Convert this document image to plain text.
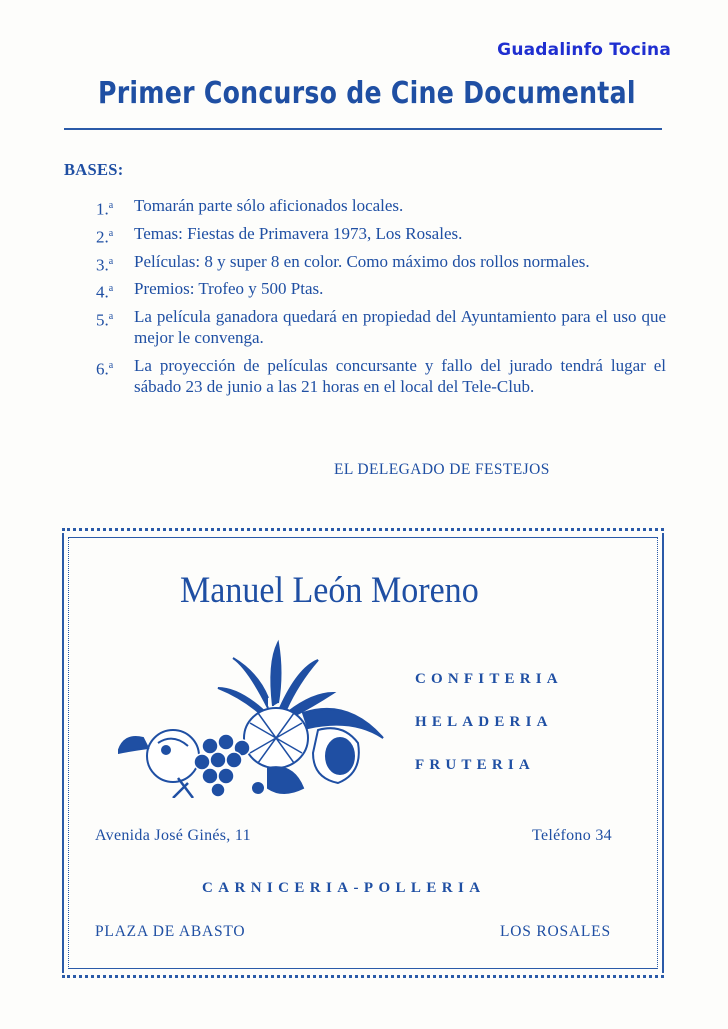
Guadalinfo Tocina
Primer Concurso de Cine Documental
BASES:
1.$^a$	Tomarán parte sólo aficionados locales.
2.$^a$	Temas: Fiestas de Primavera 1973, Los Rosales.
3.$^a$	Películas: 8 y super 8 en color. Como máximo dos rollos normales.
4.$^a$	Premios: Trofeo y 500 Ptas.
5.$^a$	La película ganadora quedará en propiedad del Ayuntamiento para el uso que mejor le convenga.
6.$^a$	La proyección de películas concursante y fallo del jurado tendrá lugar el sábado 23 de junio a las 21 horas en el local del Tele-Club.
EL DELEGADO DE FESTEJOS
Manuel León Moreno
CONFITERIA
HELADERIA
FRUTERIA
Avenida José Ginés, 11	Teléfono 34
CARNICERIA-POLLERIA
PLAZA DE ABASTO	LOS ROSALES
